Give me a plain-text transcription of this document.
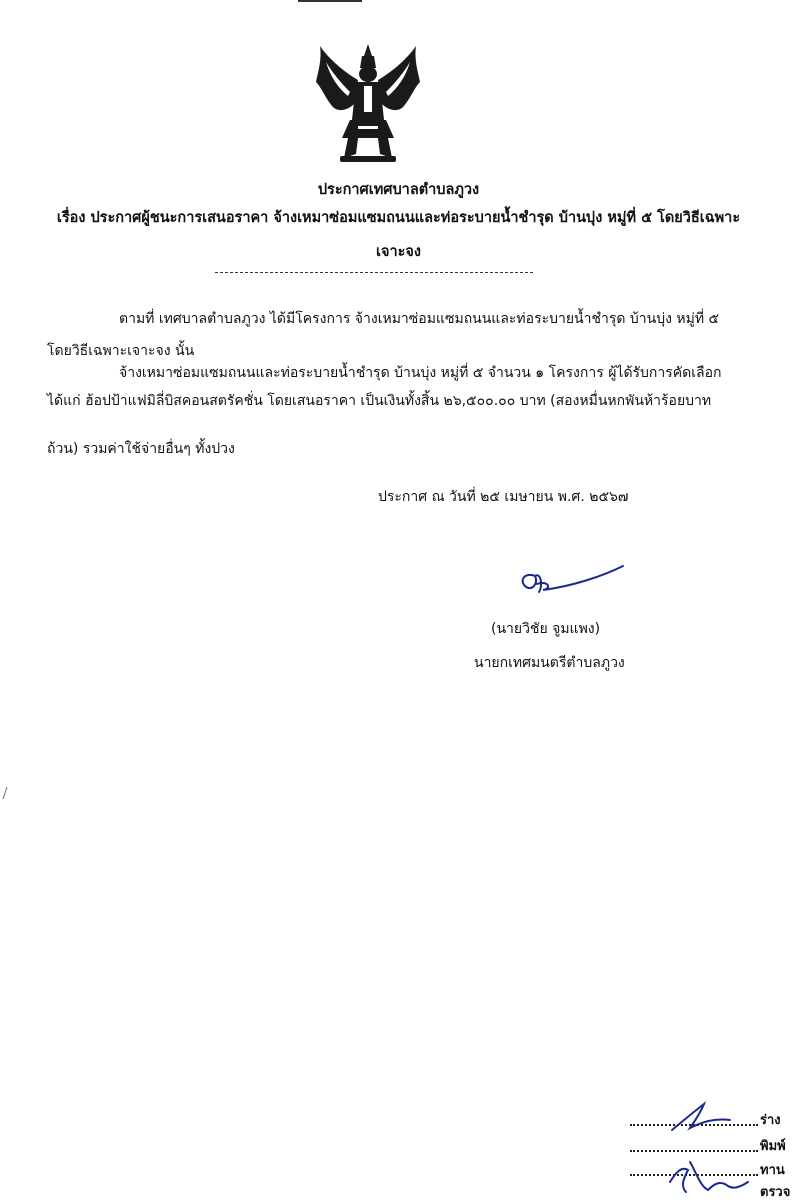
ประกาศเทศบาลตำบลภูวง
เรื่อง ประกาศผู้ชนะการเสนอราคา จ้างเหมาซ่อมแซมถนนและท่อระบายน้ำชำรุด บ้านบุ่ง หมู่ที่ ๕ โดยวิธีเฉพาะ
เจาะจง
ตามที่ เทศบาลตำบลภูวง ได้มีโครงการ จ้างเหมาซ่อมแซมถนนและท่อระบายน้ำชำรุด บ้านบุ่ง หมู่ที่ ๕
โดยวิธีเฉพาะเจาะจง นั้น
จ้างเหมาซ่อมแซมถนนและท่อระบายน้ำชำรุด บ้านบุ่ง หมู่ที่ ๕ จำนวน ๑ โครงการ ผู้ได้รับการคัดเลือก
ได้แก่ ฮ้อปป้าแฟมิลี่บิสคอนสตรัคชั่น โดยเสนอราคา เป็นเงินทั้งสิ้น ๒๖,๕๐๐.๐๐ บาท (สองหมื่นหกพันห้าร้อยบาท
ถ้วน) รวมค่าใช้จ่ายอื่นๆ ทั้งปวง
ประกาศ ณ วันที่ ๒๕ เมษายน พ.ศ. ๒๕๖๗
(นายวิชัย จูมแพง)
นายกเทศมนตรีตำบลภูวง
ร่าง
พิมพ์
ทาน
ตรวจ
